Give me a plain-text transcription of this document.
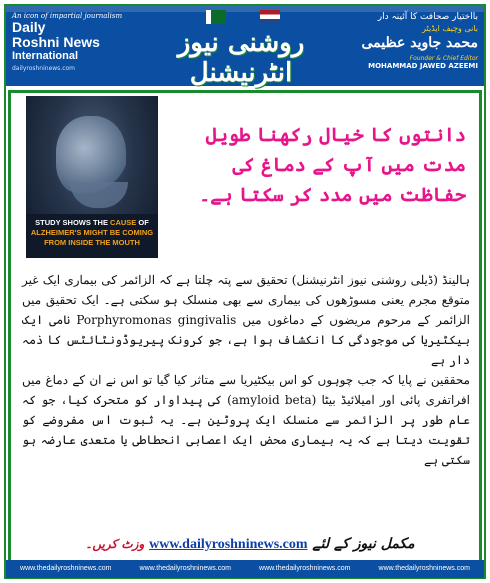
An icon of impartial journalism
Daily
Roshni News
International
dailyroshninews.com
روشنی نیوز انٹرنیشنل
بااختیار صحافت کا آئینہ دار
بانی وچیف ایڈیٹر
محمد جاوید عظیمی
Founder & Chief Editor
MOHAMMAD JAWED AZEEMI
STUDY SHOWS THE CAUSE OF ALZHEIMER'S MIGHT BE COMING FROM INSIDE THE MOUTH
دانتوں کا خیال رکھنا طویل مدت میں آپ کے دماغ کی حفاظت میں مدد کر سکتا ہے۔

ہالینڈ (ڈیلی روشنی نیوز انٹرنیشنل) تحقیق سے پتہ چلتا ہے کہ الزائمر کی بیماری ایک غیر متوقع مجرم یعنی مسوڑھوں کی بیماری سے بھی منسلک ہو سکتی ہے۔ ایک تحقیق میں الزائمر کے مرحوم مریضوں کے دماغوں میں Porphyromonas gingivalis نامی ایک بیکٹیریا کی موجودگی کا انکشاف ہوا ہے، جو کرونک پیریوڈونٹائٹس کا ذمہ دار ہے

محققین نے پایا کہ جب چوہوں کو اس بیکٹیریا سے متاثر کیا گیا تو اس نے ان کے دماغ میں افراتفری پائی اور امیلائیڈ بیٹا (amyloid beta) کی پیداوار کو متحرک کیا، جو کہ عام طور پر الزائمر سے منسلک ایک پروٹین ہے۔ یہ ثبوت اس مفروضے کو تقویت دیتا ہے کہ یہ بیماری محض ایک اعصابی انحطاطی یا متعدی عارضہ ہو سکتی ہے

مکمل نیوز کے لئے www.dailyroshninews.com وزٹ کریں۔
www.thedailyroshninews.com	www.thedailyroshninews.com	www.thedailyroshninews.com	www.thedailyroshninews.com
